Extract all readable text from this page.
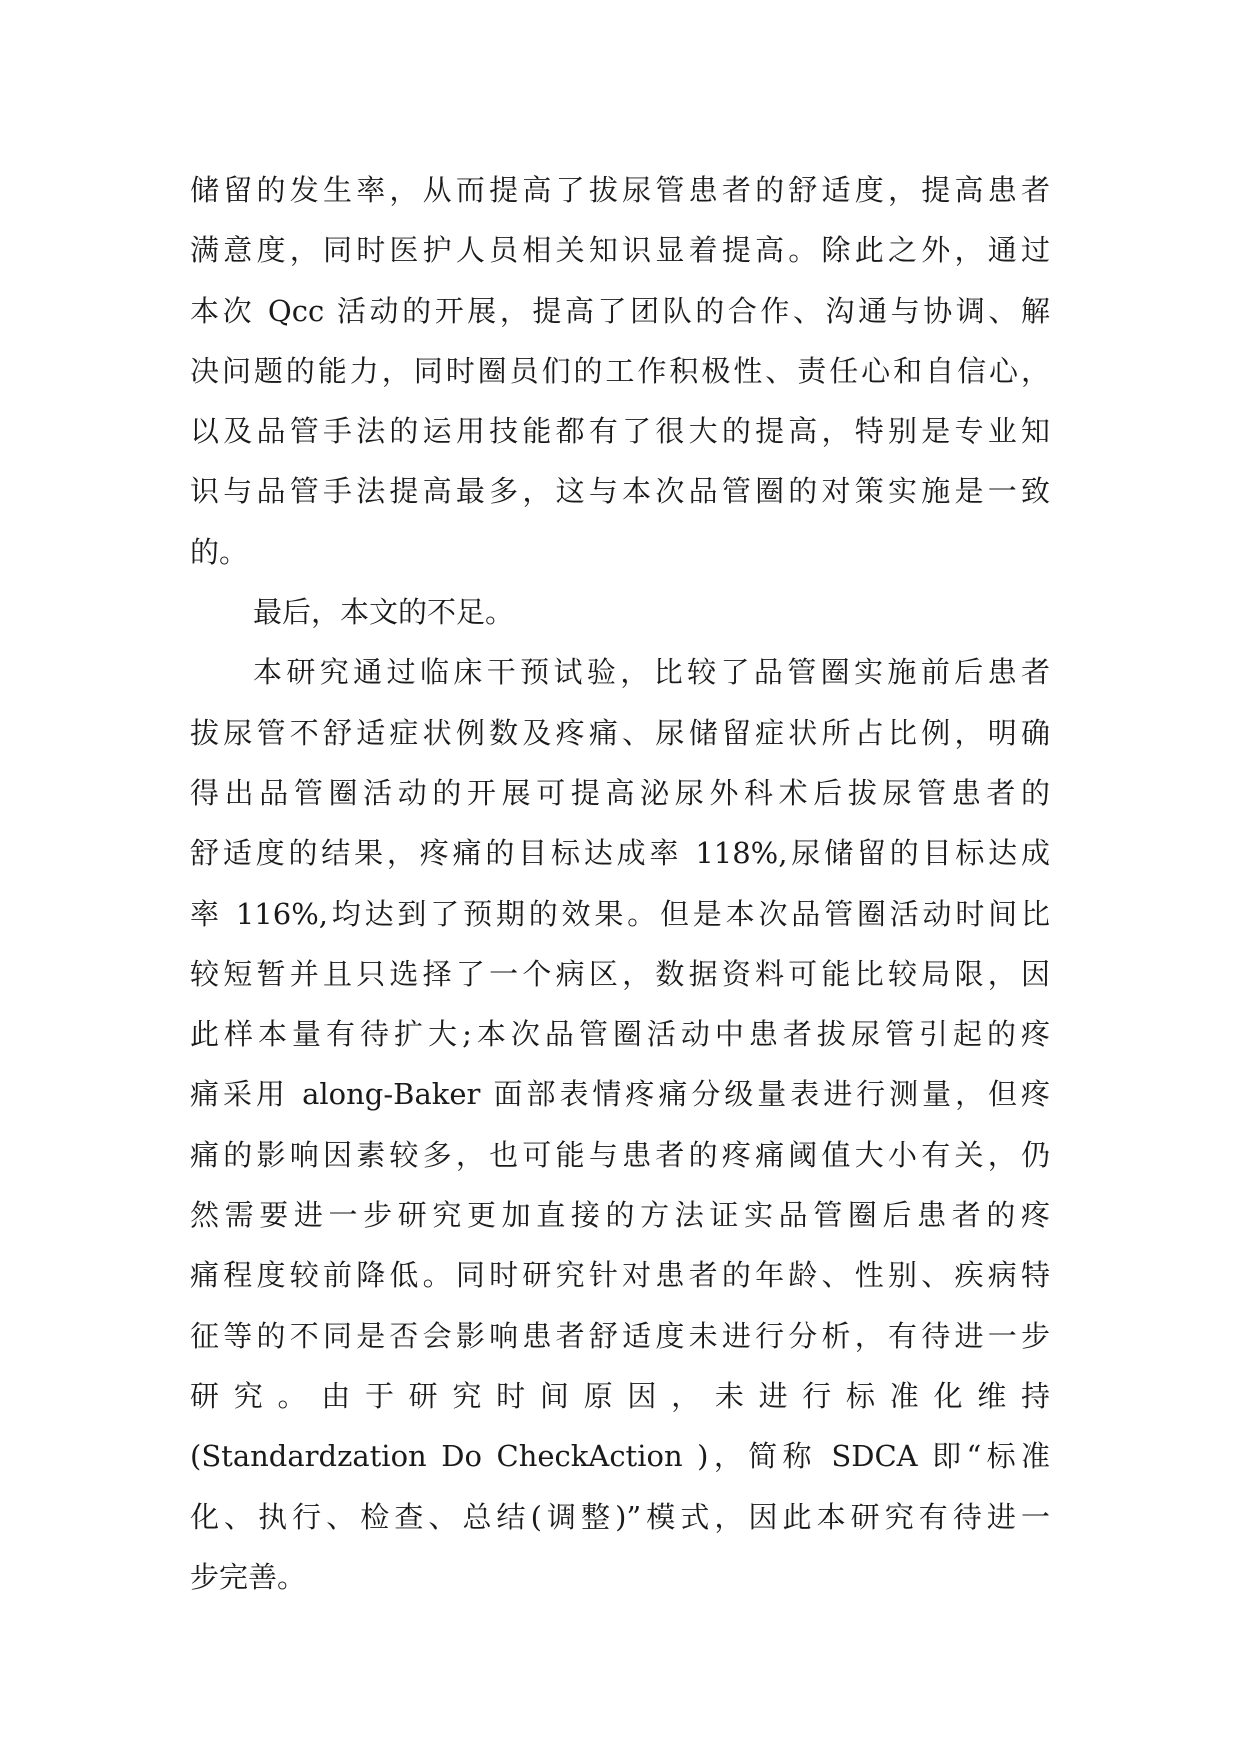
储留的发生率，从而提高了拔尿管患者的舒适度，提高患者
满意度，同时医护人员相关知识显着提高。除此之外，通过
本次 Qcc 活动的开展，提高了团队的合作、沟通与协调、解
决问题的能力，同时圈员们的工作积极性、责任心和自信心，
以及品管手法的运用技能都有了很大的提高，特别是专业知
识与品管手法提高最多，这与本次品管圈的对策实施是一致
的。
最后，本文的不足。
本研究通过临床干预试验，比较了品管圈实施前后患者
拔尿管不舒适症状例数及疼痛、尿储留症状所占比例，明确
得出品管圈活动的开展可提高泌尿外科术后拔尿管患者的
舒适度的结果，疼痛的目标达成率 118%,尿储留的目标达成
率 116%,均达到了预期的效果。但是本次品管圈活动时间比
较短暂并且只选择了一个病区，数据资料可能比较局限，因
此样本量有待扩大;本次品管圈活动中患者拔尿管引起的疼
痛采用 along-Baker 面部表情疼痛分级量表进行测量，但疼
痛的影响因素较多，也可能与患者的疼痛阈值大小有关，仍
然需要进一步研究更加直接的方法证实品管圈后患者的疼
痛程度较前降低。同时研究针对患者的年龄、性别、疾病特
征等的不同是否会影响患者舒适度未进行分析，有待进一步
研究。由于研究时间原因，未进行标准化维持
(Standardzation Do CheckAction )，简称 SDCA 即“标准
化、执行、检查、总结(调整)”模式，因此本研究有待进一
步完善。
